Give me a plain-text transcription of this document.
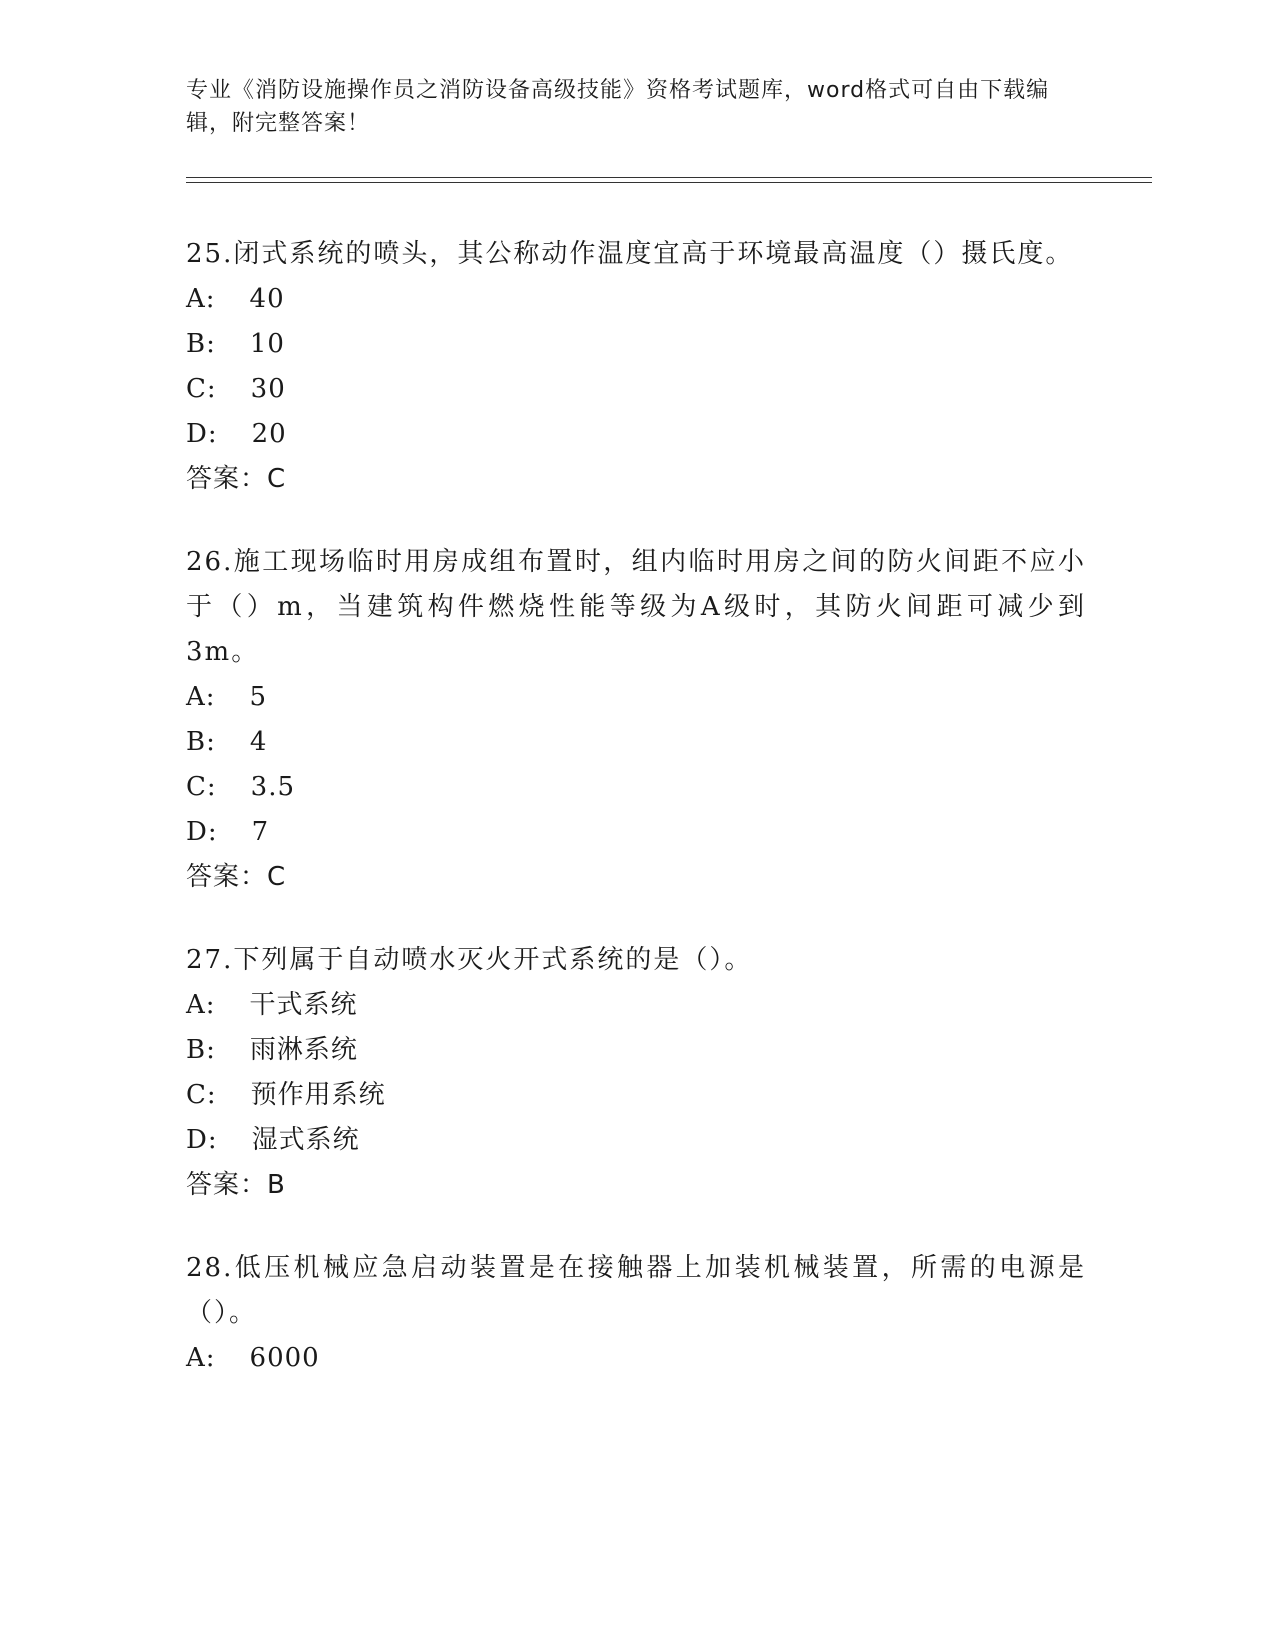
专业《消防设施操作员之消防设备高级技能》资格考试题库，word格式可自由下载编辑，附完整答案！

25.闭式系统的喷头，其公称动作温度宜高于环境最高温度（）摄氏度。

A: 40

B: 10

C: 30

D: 20

答案：C

26.施工现场临时用房成组布置时，组内临时用房之间的防火间距不应小于（）m，当建筑构件燃烧性能等级为A级时，其防火间距可减少到3m。

A: 5

B: 4

C: 3.5

D: 7

答案：C

27.下列属于自动喷水灭火开式系统的是（）。

A: 干式系统

B: 雨淋系统

C: 预作用系统

D: 湿式系统

答案：B

28.低压机械应急启动装置是在接触器上加装机械装置，所需的电源是（）。

A: 6000
